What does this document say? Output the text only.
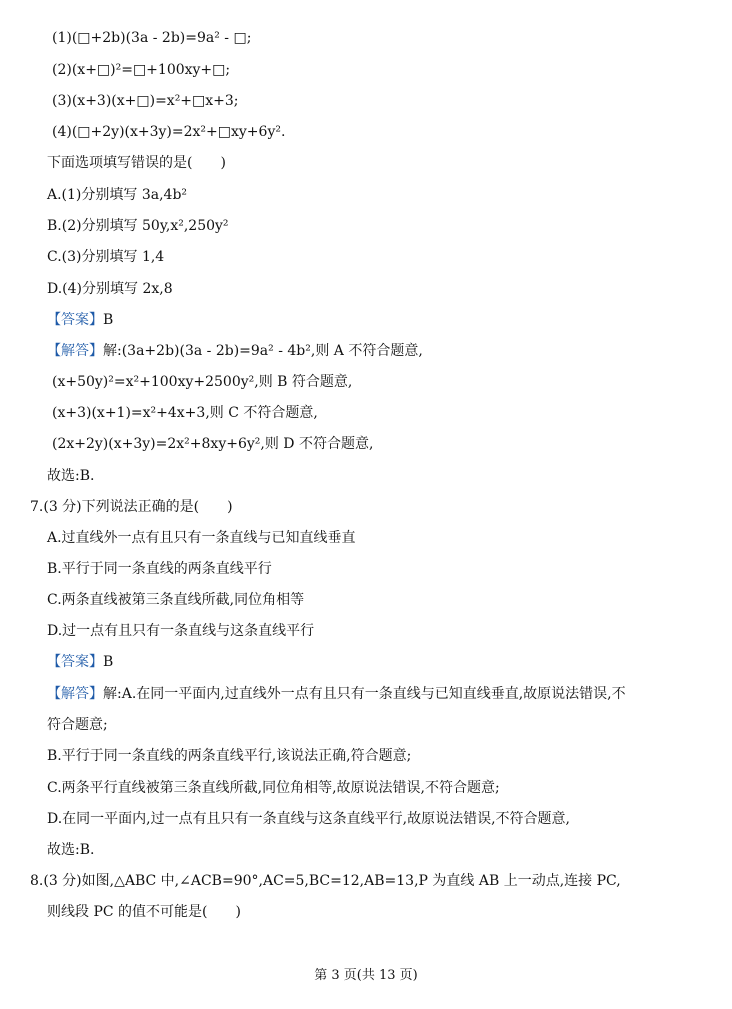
(1)(□+2b)(3a - 2b)=9a² - □;
(2)(x+□)²=□+100xy+□;
(3)(x+3)(x+□)=x²+□x+3;
(4)(□+2y)(x+3y)=2x²+□xy+6y².
下面选项填写错误的是(　　)
A.(1)分别填写 3a,4b²
B.(2)分别填写 50y,x²,250y²
C.(3)分别填写 1,4
D.(4)分别填写 2x,8
【答案】B
【解答】解:(3a+2b)(3a - 2b)=9a² - 4b²,则 A 不符合题意,
(x+50y)²=x²+100xy+2500y²,则 B 符合题意,
(x+3)(x+1)=x²+4x+3,则 C 不符合题意,
(2x+2y)(x+3y)=2x²+8xy+6y²,则 D 不符合题意,
故选:B.
7.(3 分)下列说法正确的是(　　)
A.过直线外一点有且只有一条直线与已知直线垂直
B.平行于同一条直线的两条直线平行
C.两条直线被第三条直线所截,同位角相等
D.过一点有且只有一条直线与这条直线平行
【答案】B
【解答】解:A.在同一平面内,过直线外一点有且只有一条直线与已知直线垂直,故原说法错误,不
符合题意;
B.平行于同一条直线的两条直线平行,该说法正确,符合题意;
C.两条平行直线被第三条直线所截,同位角相等,故原说法错误,不符合题意;
D.在同一平面内,过一点有且只有一条直线与这条直线平行,故原说法错误,不符合题意,
故选:B.
8.(3 分)如图,△ABC 中,∠ACB=90°,AC=5,BC=12,AB=13,P 为直线 AB 上一动点,连接 PC,
则线段 PC 的值不可能是(　　)
第 3 页(共 13 页)
